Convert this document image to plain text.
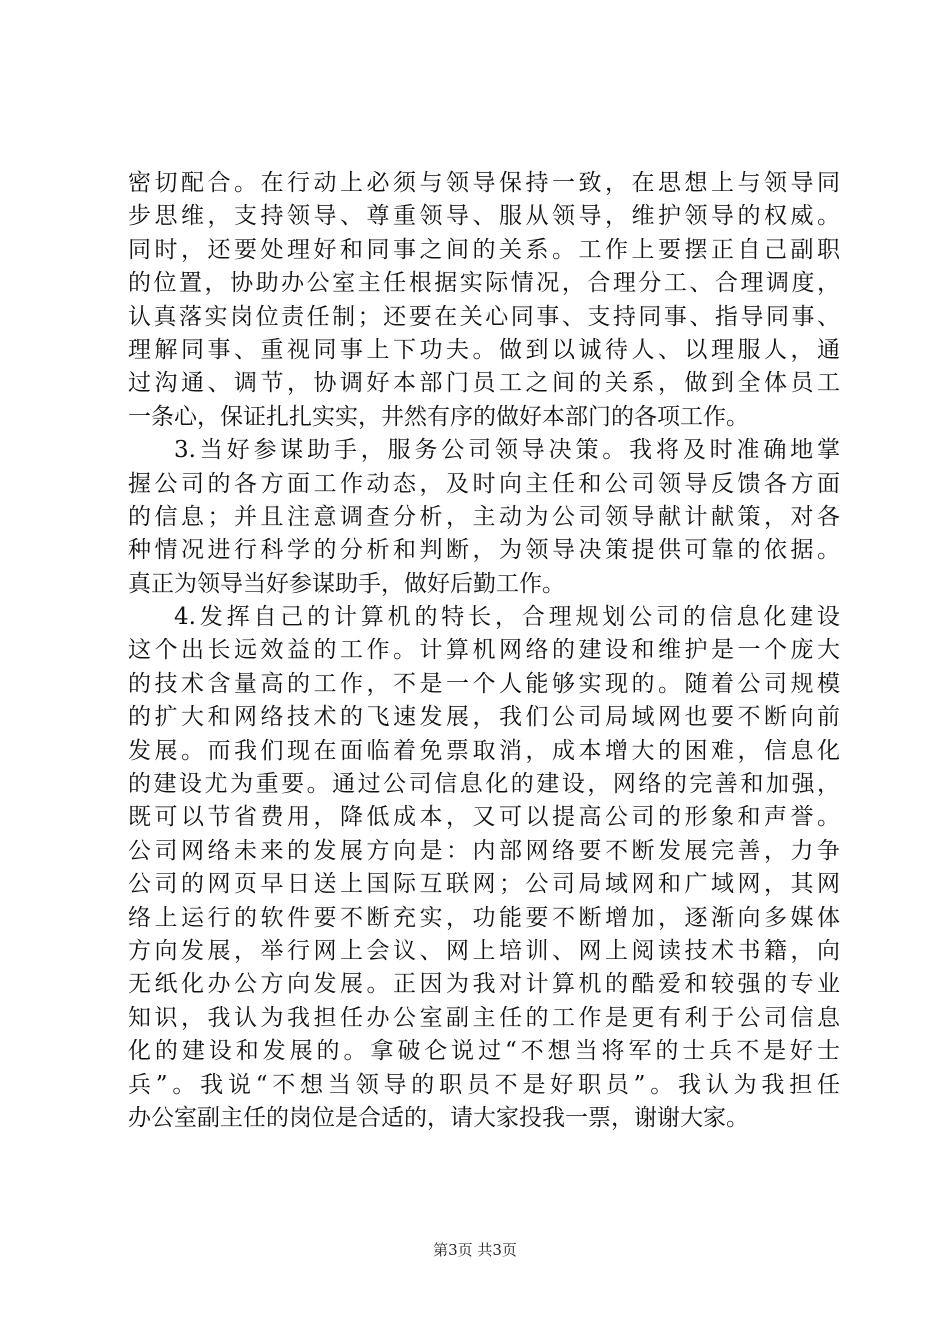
密切配合。在行动上必须与领导保持一致，在思想上与领导同
步思维，支持领导、尊重领导、服从领导，维护领导的权威。
同时，还要处理好和同事之间的关系。工作上要摆正自己副职
的位置，协助办公室主任根据实际情况，合理分工、合理调度，
认真落实岗位责任制；还要在关心同事、支持同事、指导同事、
理解同事、重视同事上下功夫。做到以诚待人、以理服人，通
过沟通、调节，协调好本部门员工之间的关系，做到全体员工
一条心，保证扎扎实实，井然有序的做好本部门的各项工作。
3.当好参谋助手，服务公司领导决策。我将及时准确地掌
握公司的各方面工作动态，及时向主任和公司领导反馈各方面
的信息；并且注意调查分析，主动为公司领导献计献策，对各
种情况进行科学的分析和判断，为领导决策提供可靠的依据。
真正为领导当好参谋助手，做好后勤工作。
4.发挥自己的计算机的特长，合理规划公司的信息化建设
这个出长远效益的工作。计算机网络的建设和维护是一个庞大
的技术含量高的工作，不是一个人能够实现的。随着公司规模
的扩大和网络技术的飞速发展，我们公司局域网也要不断向前
发展。而我们现在面临着免票取消，成本增大的困难，信息化
的建设尤为重要。通过公司信息化的建设，网络的完善和加强，
既可以节省费用，降低成本，又可以提高公司的形象和声誉。
公司网络未来的发展方向是：内部网络要不断发展完善，力争
公司的网页早日送上国际互联网；公司局域网和广域网，其网
络上运行的软件要不断充实，功能要不断增加，逐渐向多媒体
方向发展，举行网上会议、网上培训、网上阅读技术书籍，向
无纸化办公方向发展。正因为我对计算机的酷爱和较强的专业
知识，我认为我担任办公室副主任的工作是更有利于公司信息
化的建设和发展的。拿破仑说过“不想当将军的士兵不是好士
兵”。我说“不想当领导的职员不是好职员”。我认为我担任
办公室副主任的岗位是合适的，请大家投我一票，谢谢大家。
第3页 共3页
